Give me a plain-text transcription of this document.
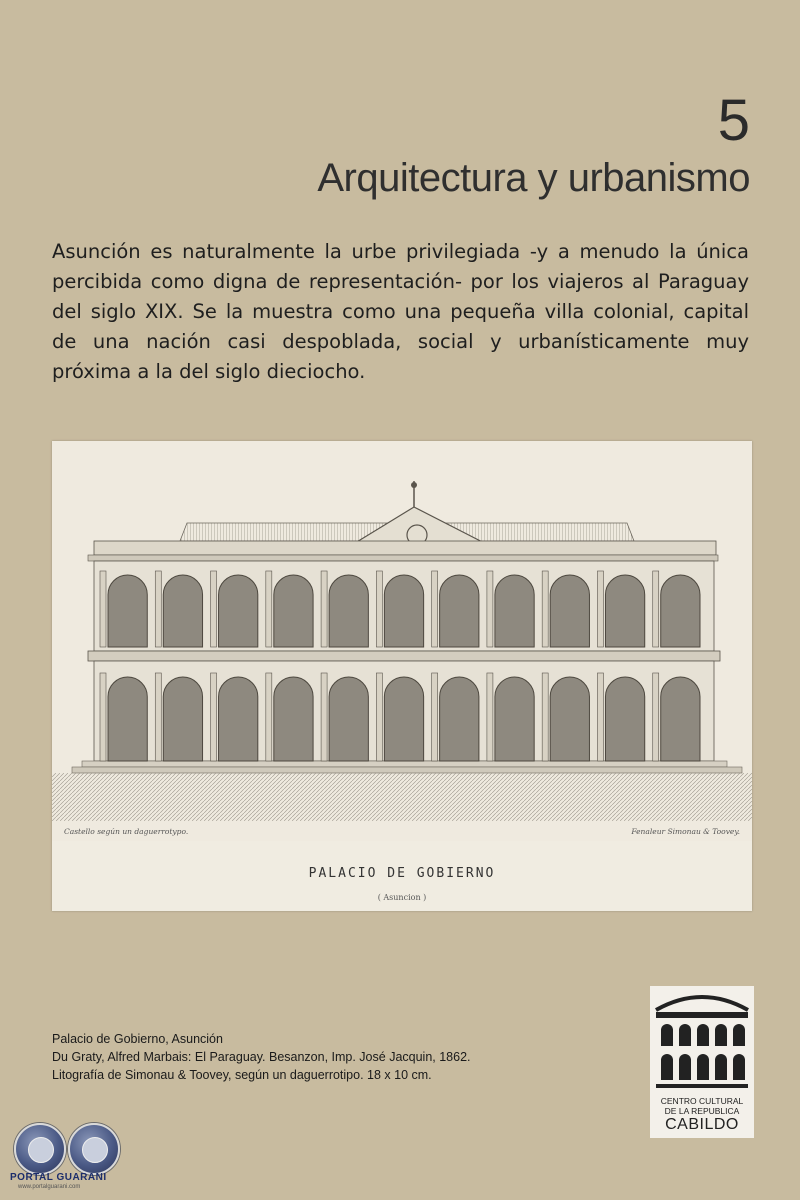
5
Arquitectura y urbanismo

Asunción es naturalmente la urbe privilegiada -y a menudo la única percibida como digna de representación- por los viajeros al Paraguay del siglo XIX. Se la muestra como una pequeña villa colonial, capital de una nación casi despoblada, social y urbanísticamente muy próxima a la del siglo dieciocho.

Castello según un daguerrotypo.	Fenaleur Simonau & Toovey.
PALACIO DE GOBIERNO
( Asuncion )
Palacio de Gobierno, Asunción
Du Graty, Alfred Marbais: El Paraguay. Besanzon, Imp. José Jacquin, 1862.
Litografía de Simonau & Toovey, según un daguerrotipo. 18 x 10 cm.
CENTRO CULTURAL
DE LA REPUBLICA
CABILDO
PORTAL GUARANI
www.portalguarani.com
